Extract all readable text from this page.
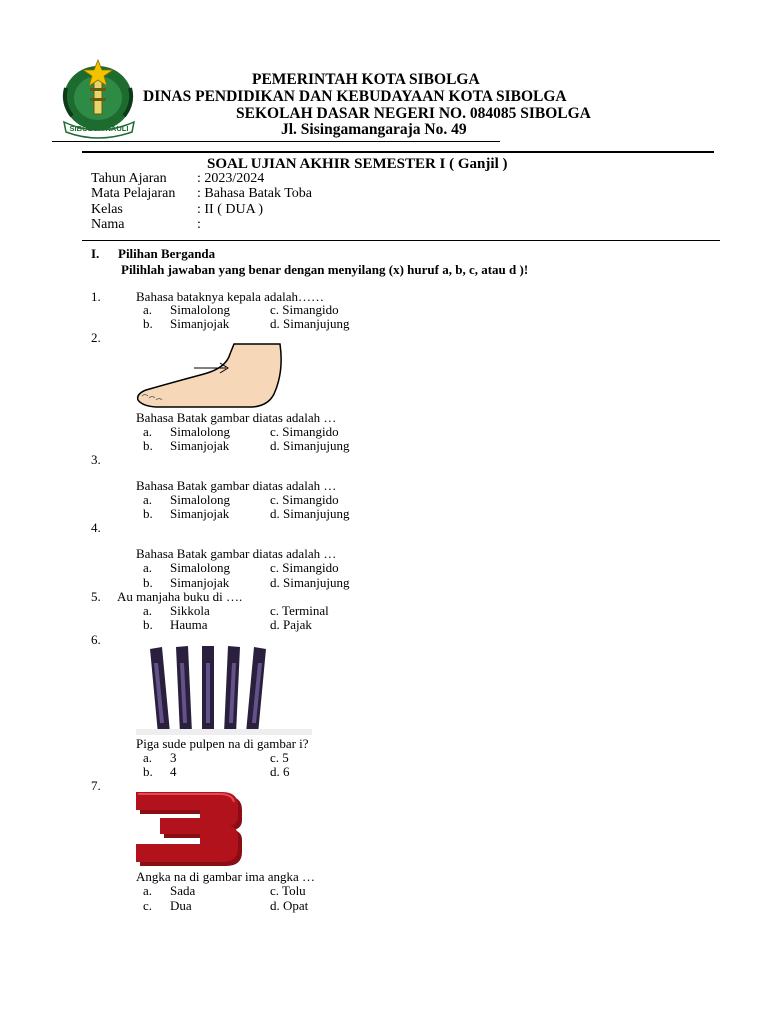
SIBOLGA NAULI
PEMERINTAH KOTA SIBOLGA
DINAS PENDIDIKAN DAN KEBUDAYAAN KOTA SIBOLGA
SEKOLAH DASAR NEGERI NO. 084085 SIBOLGA
Jl. Sisingamangaraja No. 49
SOAL UJIAN AKHIR SEMESTER I ( Ganjil )
Tahun Ajaran : 2023/2024
Mata Pelajaran : Bahasa Batak Toba
Kelas	: II ( DUA )
Nama	:
I. Pilihan Berganda
Pilihlah jawaban yang benar dengan menyilang (x) huruf a, b, c, atau d )!
1.	Bahasa bataknya kepala adalah……
a. Simalolong	c. Simangido
b. Simanjojak	d. Simanjujung
2.
Bahasa Batak gambar diatas adalah …
a. Simalolong	c. Simangido
b. Simanjojak	d. Simanjujung
3.
Bahasa Batak gambar diatas adalah …
a. Simalolong	c. Simangido
b. Simanjojak	d. Simanjujung
4.
Bahasa Batak gambar diatas adalah …
a. Simalolong	c. Simangido
b. Simanjojak	d. Simanjujung
5. Au manjaha buku di ….
a. Sikkola	c. Terminal
b. Hauma	d. Pajak
6.
Piga sude pulpen na di gambar i?
a. 3	c. 5
b. 4	d. 6
7.
Angka na di gambar ima angka …
a. Sada	c. Tolu
c. Dua	d. Opat
